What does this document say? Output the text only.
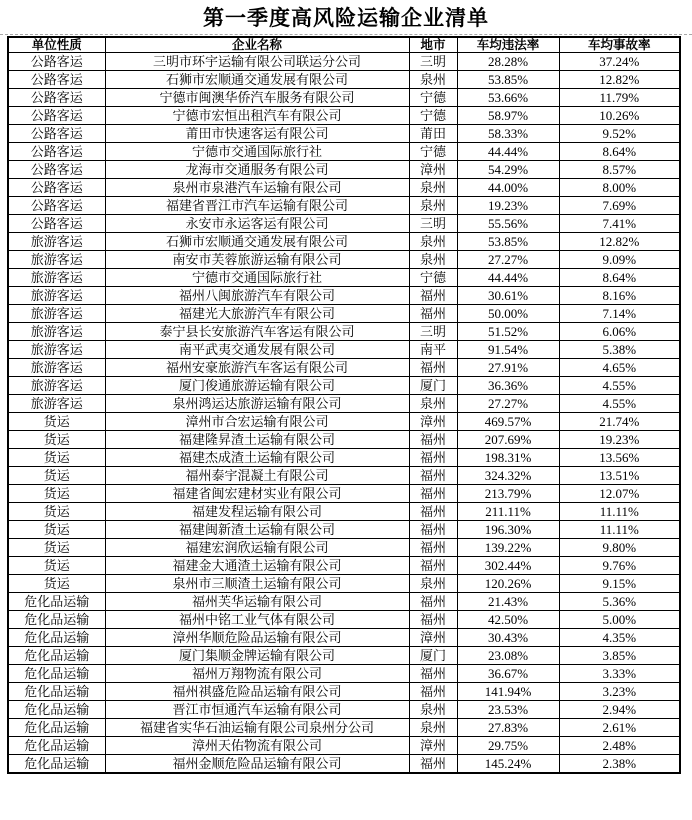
第一季度高风险运输企业清单
单位性质	企业名称	地市	车均违法率	车均事故率
公路客运	三明市环宇运输有限公司联运分公司	三明	28.28%	37.24%
公路客运	石狮市宏顺通交通发展有限公司	泉州	53.85%	12.82%
公路客运	宁德市闽澳华侨汽车服务有限公司	宁德	53.66%	11.79%
公路客运	宁德市宏恒出租汽车有限公司	宁德	58.97%	10.26%
公路客运	莆田市快速客运有限公司	莆田	58.33%	9.52%
公路客运	宁德市交通国际旅行社	宁德	44.44%	8.64%
公路客运	龙海市交通服务有限公司	漳州	54.29%	8.57%
公路客运	泉州市泉港汽车运输有限公司	泉州	44.00%	8.00%
公路客运	福建省晋江市汽车运输有限公司	泉州	19.23%	7.69%
公路客运	永安市永运客运有限公司	三明	55.56%	7.41%
旅游客运	石狮市宏顺通交通发展有限公司	泉州	53.85%	12.82%
旅游客运	南安市芙蓉旅游运输有限公司	泉州	27.27%	9.09%
旅游客运	宁德市交通国际旅行社	宁德	44.44%	8.64%
旅游客运	福州八闽旅游汽车有限公司	福州	30.61%	8.16%
旅游客运	福建光大旅游汽车有限公司	福州	50.00%	7.14%
旅游客运	泰宁县长安旅游汽车客运有限公司	三明	51.52%	6.06%
旅游客运	南平武夷交通发展有限公司	南平	91.54%	5.38%
旅游客运	福州安豪旅游汽车客运有限公司	福州	27.91%	4.65%
旅游客运	厦门俊通旅游运输有限公司	厦门	36.36%	4.55%
旅游客运	泉州鸿运达旅游运输有限公司	泉州	27.27%	4.55%
货运	漳州市合宏运输有限公司	漳州	469.57%	21.74%
货运	福建隆昇渣土运输有限公司	福州	207.69%	19.23%
货运	福建杰成渣土运输有限公司	福州	198.31%	13.56%
货运	福州泰宇混凝土有限公司	福州	324.32%	13.51%
货运	福建省闽宏建材实业有限公司	福州	213.79%	12.07%
货运	福建发程运输有限公司	福州	211.11%	11.11%
货运	福建闽新渣土运输有限公司	福州	196.30%	11.11%
货运	福建宏润欣运输有限公司	福州	139.22%	9.80%
货运	福建金大通渣土运输有限公司	福州	302.44%	9.76%
货运	泉州市三顺渣土运输有限公司	泉州	120.26%	9.15%
危化品运输	福州芙华运输有限公司	福州	21.43%	5.36%
危化品运输	福州中铭工业气体有限公司	福州	42.50%	5.00%
危化品运输	漳州华顺危险品运输有限公司	漳州	30.43%	4.35%
危化品运输	厦门集顺金牌运输有限公司	厦门	23.08%	3.85%
危化品运输	福州万翔物流有限公司	福州	36.67%	3.33%
危化品运输	福州祺盛危险品运输有限公司	福州	141.94%	3.23%
危化品运输	晋江市恒通汽车运输有限公司	泉州	23.53%	2.94%
危化品运输	福建省实华石油运输有限公司泉州分公司	泉州	27.83%	2.61%
危化品运输	漳州天佑物流有限公司	漳州	29.75%	2.48%
危化品运输	福州金顺危险品运输有限公司	福州	145.24%	2.38%
